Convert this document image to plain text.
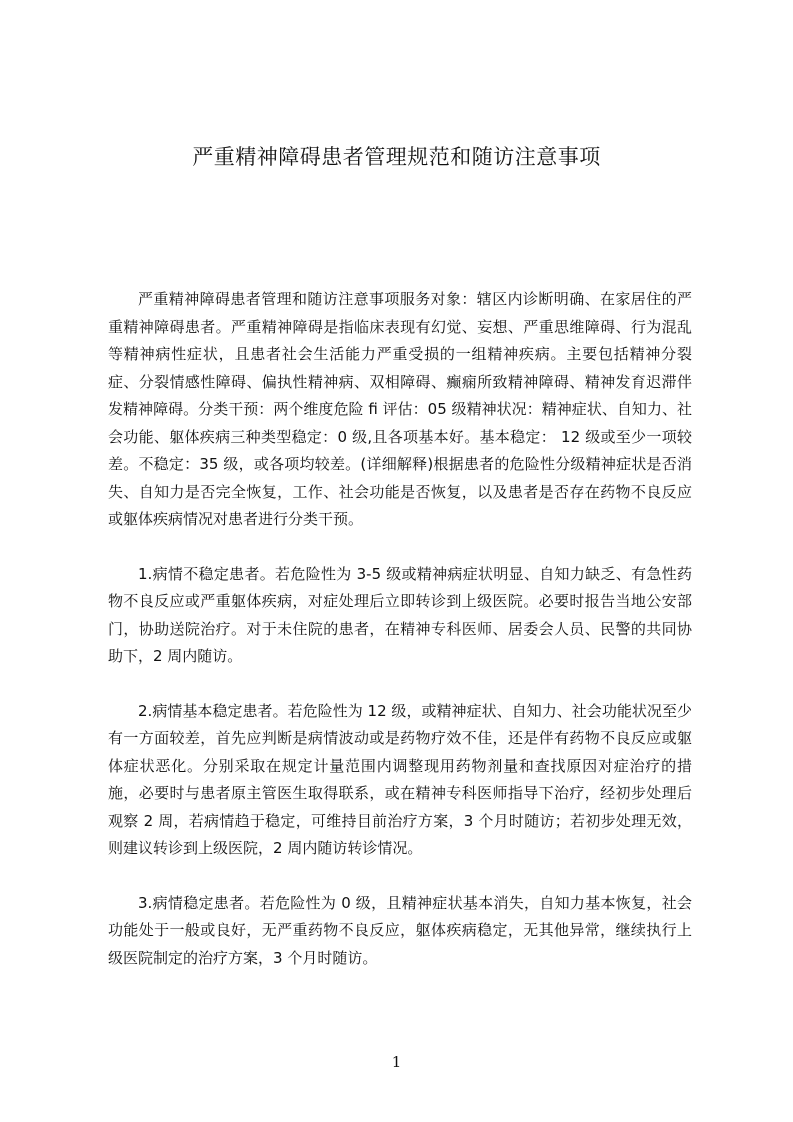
严重精神障碍患者管理规范和随访注意事项

严重精神障碍患者管理和随访注意事项服务对象：辖区内诊断明确、在家居住的严重精神障碍患者。严重精神障碍是指临床表现有幻觉、妄想、严重思维障碍、行为混乱等精神病性症状，且患者社会生活能力严重受损的一组精神疾病。主要包括精神分裂症、分裂情感性障碍、偏执性精神病、双相障碍、癫痫所致精神障碍、精神发育迟滞伴发精神障碍。分类干预：两个维度危险 fi 评估：05 级精神状况：精神症状、自知力、社会功能、躯体疾病三种类型稳定：0 级,且各项基本好。基本稳定： 12 级或至少一项较差。不稳定：35 级，或各项均较差。(详细解释)根据患者的危险性分级精神症状是否消失、自知力是否完全恢复，工作、社会功能是否恢复，以及患者是否存在药物不良反应或躯体疾病情况对患者进行分类干预。

1.病情不稳定患者。若危险性为 3-5 级或精神病症状明显、自知力缺乏、有急性药物不良反应或严重躯体疾病，对症处理后立即转诊到上级医院。必要时报告当地公安部门，协助送院治疗。对于未住院的患者，在精神专科医师、居委会人员、民警的共同协助下，2 周内随访。

2.病情基本稳定患者。若危险性为 12 级，或精神症状、自知力、社会功能状况至少有一方面较差，首先应判断是病情波动或是药物疗效不佳，还是伴有药物不良反应或躯体症状恶化。分别采取在规定计量范围内调整现用药物剂量和查找原因对症治疗的措施，必要时与患者原主管医生取得联系，或在精神专科医师指导下治疗，经初步处理后观察 2 周，若病情趋于稳定，可维持目前治疗方案，3 个月时随访；若初步处理无效，则建议转诊到上级医院，2 周内随访转诊情况。

3.病情稳定患者。若危险性为 0 级，且精神症状基本消失，自知力基本恢复，社会功能处于一般或良好，无严重药物不良反应，躯体疾病稳定，无其他异常，继续执行上级医院制定的治疗方案，3 个月时随访。

1
